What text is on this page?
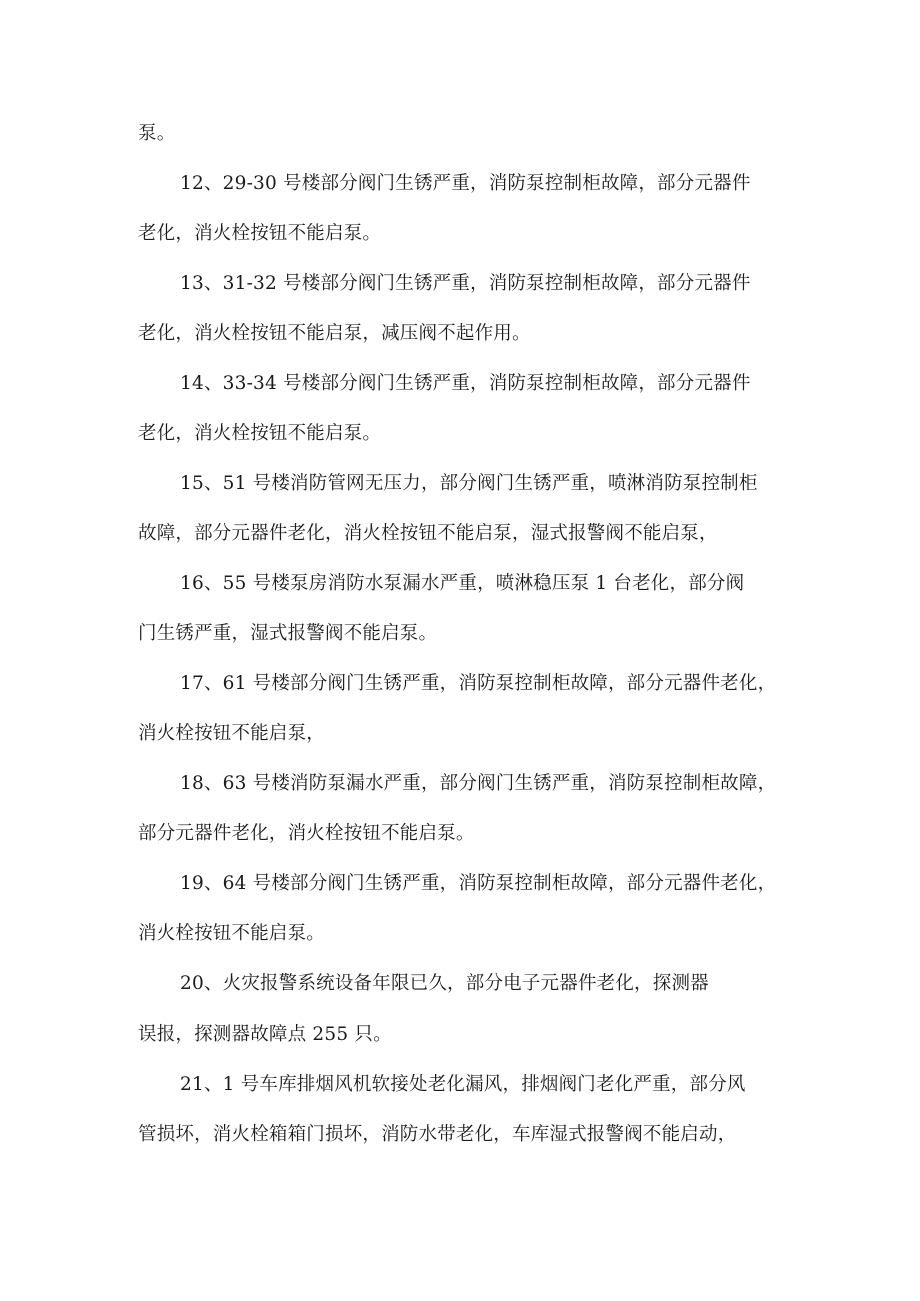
泵。
12、29-30 号楼部分阀门生锈严重，消防泵控制柜故障，部分元器件
老化，消火栓按钮不能启泵。
13、31-32 号楼部分阀门生锈严重，消防泵控制柜故障，部分元器件
老化，消火栓按钮不能启泵，减压阀不起作用。
14、33-34 号楼部分阀门生锈严重，消防泵控制柜故障，部分元器件
老化，消火栓按钮不能启泵。
15、51 号楼消防管网无压力，部分阀门生锈严重，喷淋消防泵控制柜
故障，部分元器件老化，消火栓按钮不能启泵，湿式报警阀不能启泵，
16、55 号楼泵房消防水泵漏水严重，喷淋稳压泵 1 台老化，部分阀
门生锈严重，湿式报警阀不能启泵。
17、61 号楼部分阀门生锈严重，消防泵控制柜故障，部分元器件老化，
消火栓按钮不能启泵，
18、63 号楼消防泵漏水严重，部分阀门生锈严重，消防泵控制柜故障，
部分元器件老化，消火栓按钮不能启泵。
19、64 号楼部分阀门生锈严重，消防泵控制柜故障，部分元器件老化，
消火栓按钮不能启泵。
20、火灾报警系统设备年限已久，部分电子元器件老化，探测器
误报，探测器故障点 255 只。
21、1 号车库排烟风机软接处老化漏风，排烟阀门老化严重，部分风
管损坏，消火栓箱箱门损坏，消防水带老化，车库湿式报警阀不能启动，
